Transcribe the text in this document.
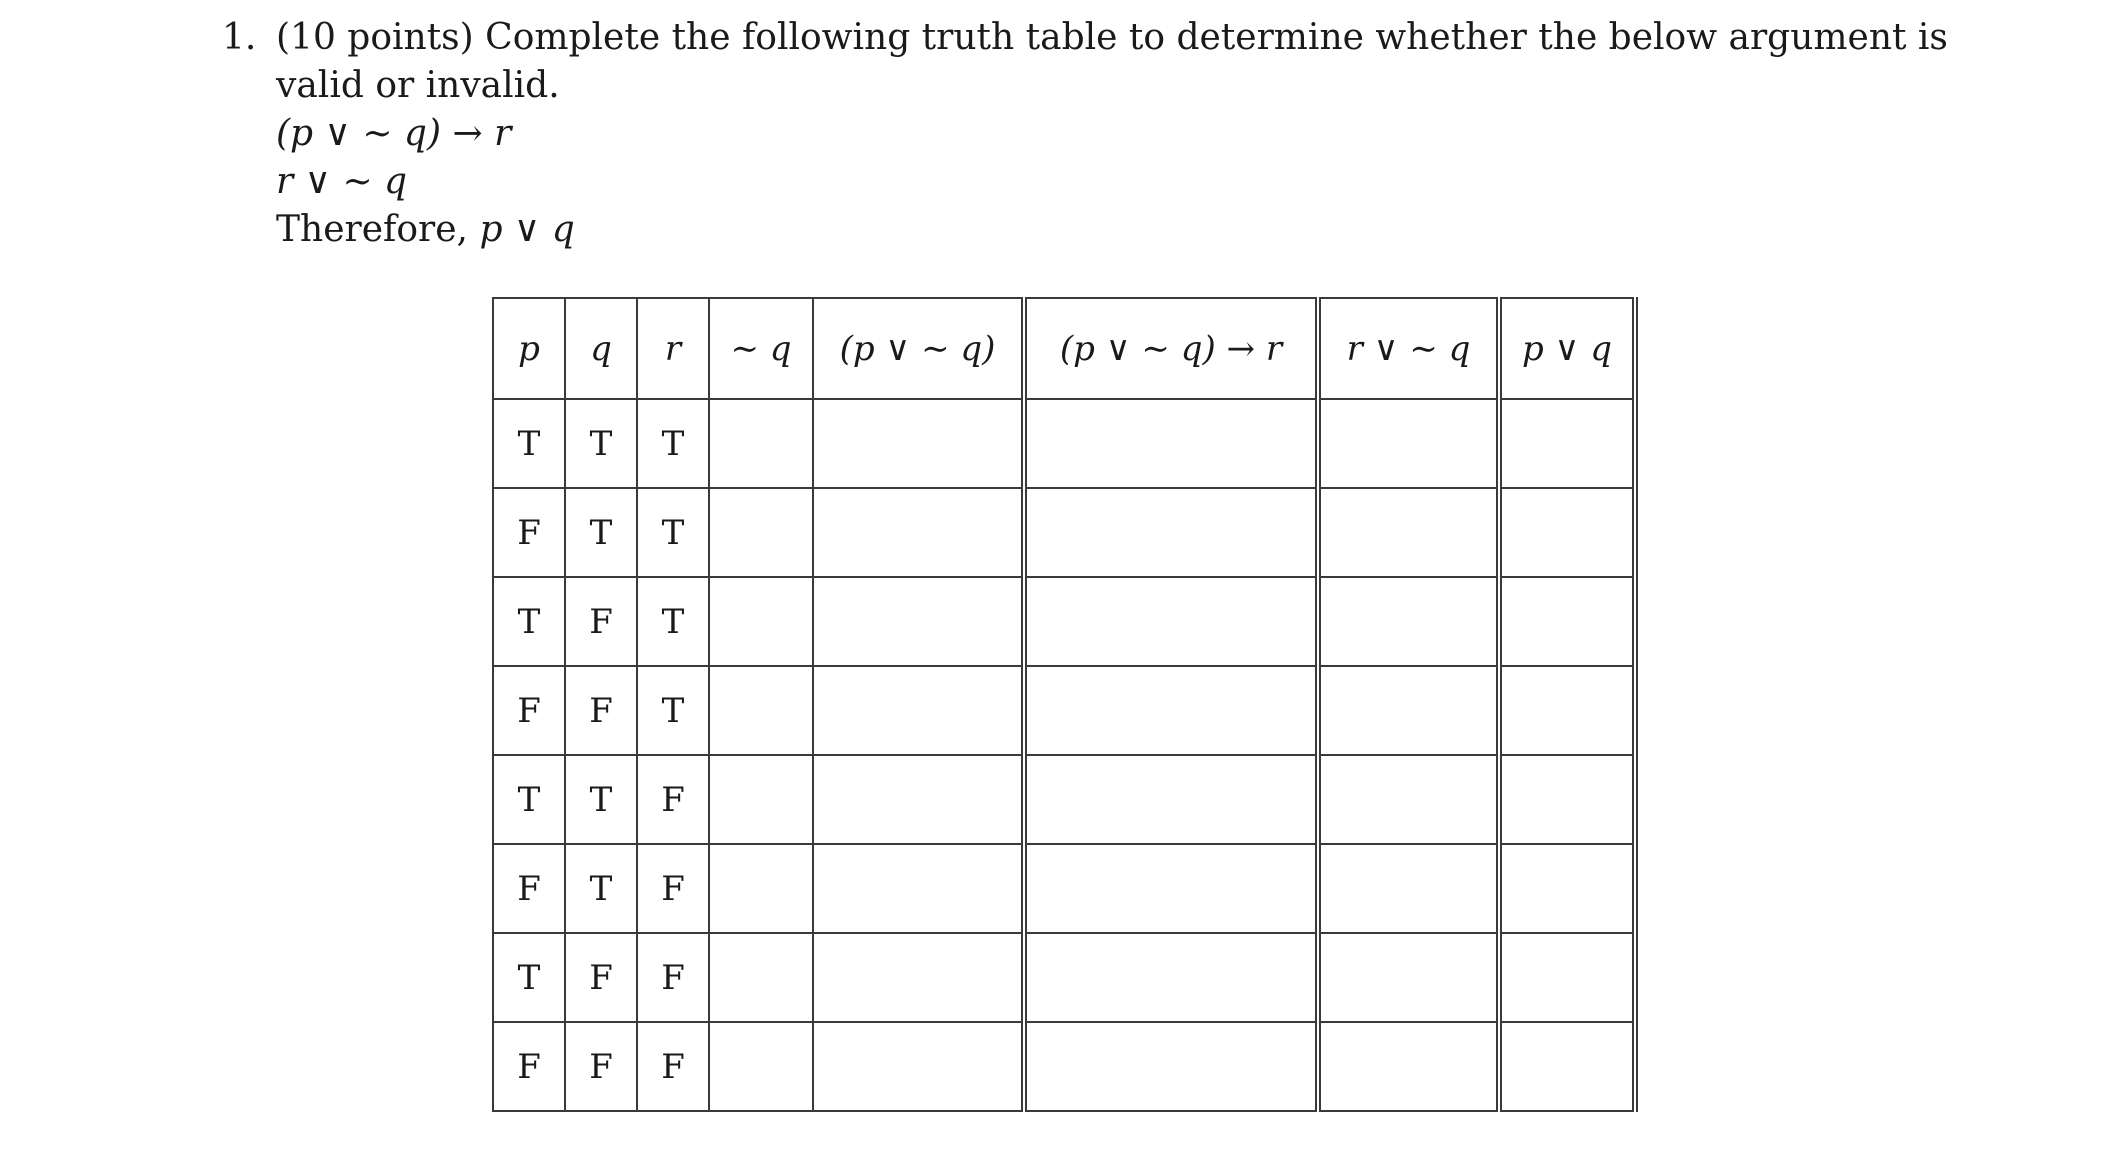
1. (10 points) Complete the following truth table to determine whether the below argument is
valid or invalid.
(p ∨ ∼ q) → r
r ∨ ∼ q
Therefore, p ∨ q
p	q	r	∼ q	(p ∨ ∼ q)	(p ∨ ∼ q) → r	r ∨ ∼ q	p ∨ q
T	T	T					
F	T	T					
T	F	T					
F	F	T					
T	T	F					
F	T	F					
T	F	F					
F	F	F					
